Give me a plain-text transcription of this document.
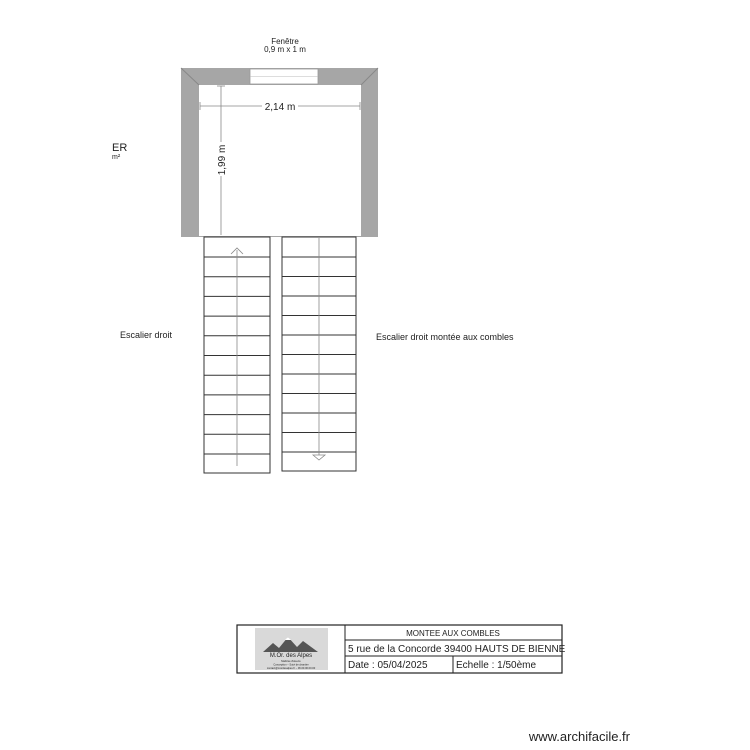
Fenêtre
0,9 m x 1 m
2,14 m
1,99 m
ER
m²
Escalier droit	Escalier droit montée aux combles
M.Or. des Alpes
Maîtrise d'œuvre
Conception – Suivi de chantier
contact@mordesalpes.fr – 06.00.00.00.00
MONTEE AUX COMBLES
5 rue de la Concorde 39400 HAUTS DE BIENNE
Date : 05/04/2025	Echelle : 1/50ème
www.archifacile.fr
